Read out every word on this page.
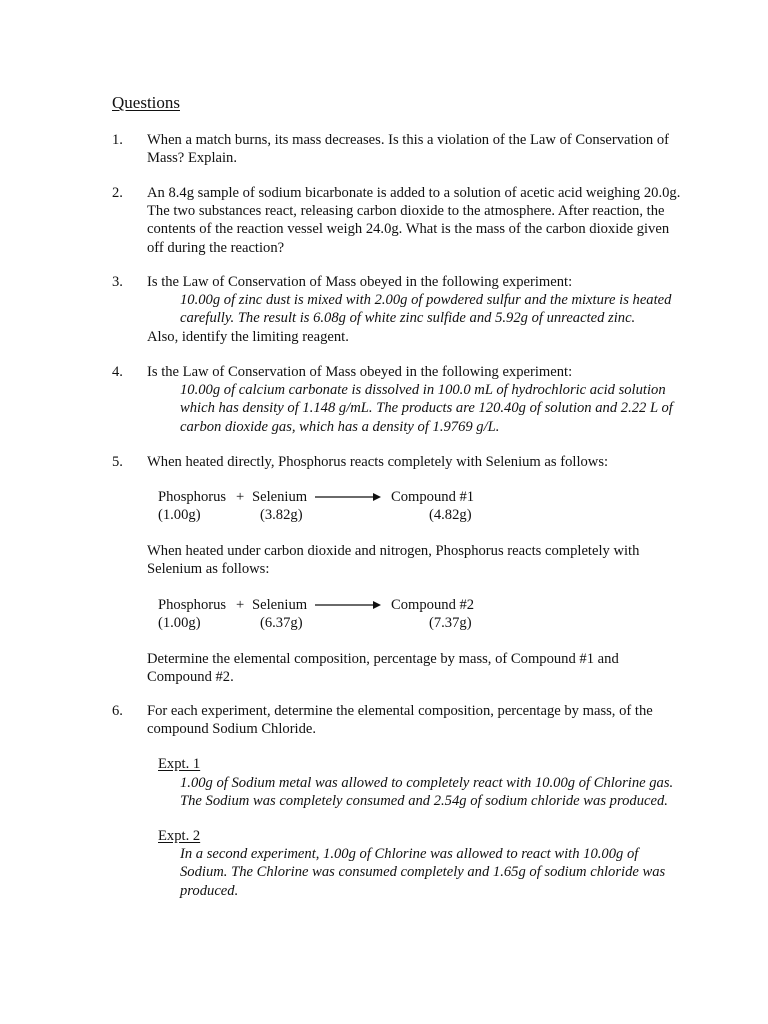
Questions
1. When a match burns, its mass decreases. Is this a violation of the Law of Conservation of
Mass? Explain.
2. An 8.4g sample of sodium bicarbonate is added to a solution of acetic acid weighing 20.0g.
The two substances react, releasing carbon dioxide to the atmosphere. After reaction, the
contents of the reaction vessel weigh 24.0g. What is the mass of the carbon dioxide given
off during the reaction?
3. Is the Law of Conservation of Mass obeyed in the following experiment:
10.00g of zinc dust is mixed with 2.00g of powdered sulfur and the mixture is heated
carefully. The result is 6.08g of white zinc sulfide and 5.92g of unreacted zinc.
Also, identify the limiting reagent.
4. Is the Law of Conservation of Mass obeyed in the following experiment:
10.00g of calcium carbonate is dissolved in 100.0 mL of hydrochloric acid solution
which has density of 1.148 g/mL. The products are 120.40g of solution and 2.22 L of
carbon dioxide gas, which has a density of 1.9769 g/L.
5. When heated directly, Phosphorus reacts completely with Selenium as follows:
Phosphorus + Selenium	Compound #1
(1.00g)	(3.82g)	(4.82g)
When heated under carbon dioxide and nitrogen, Phosphorus reacts completely with
Selenium as follows:
Phosphorus + Selenium	Compound #2
(1.00g)	(6.37g)	(7.37g)
Determine the elemental composition, percentage by mass, of Compound #1 and
Compound #2.
6. For each experiment, determine the elemental composition, percentage by mass, of the
compound Sodium Chloride.
Expt. 1
1.00g of Sodium metal was allowed to completely react with 10.00g of Chlorine gas.
The Sodium was completely consumed and 2.54g of sodium chloride was produced.
Expt. 2
In a second experiment, 1.00g of Chlorine was allowed to react with 10.00g of
Sodium. The Chlorine was consumed completely and 1.65g of sodium chloride was
produced.
